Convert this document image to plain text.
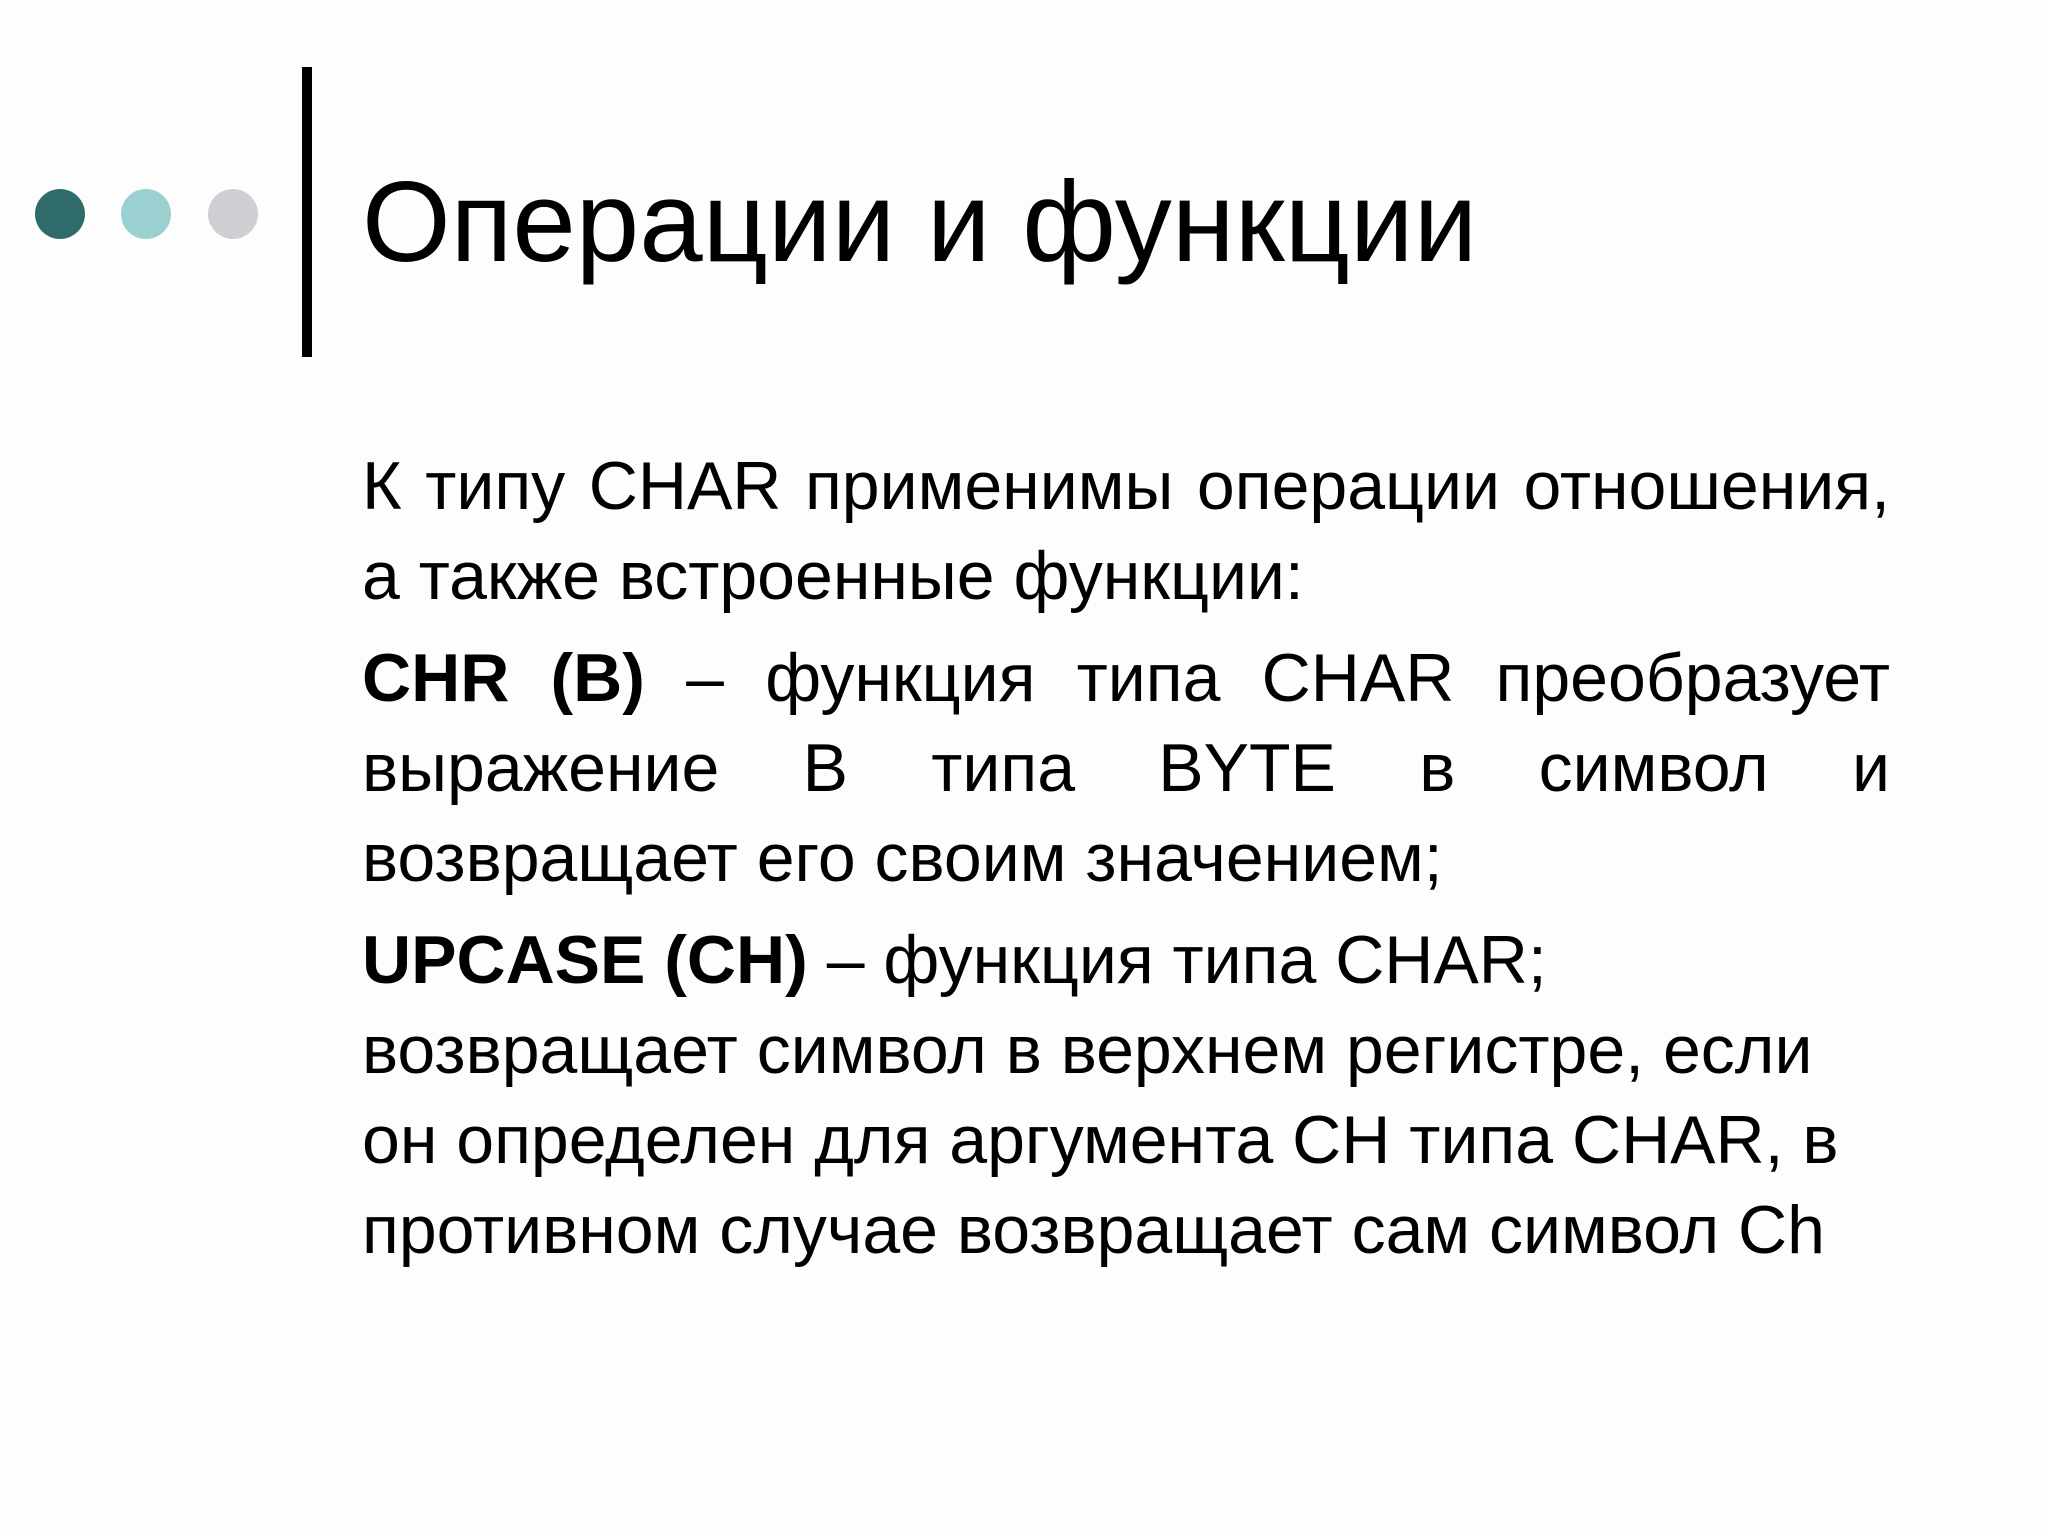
Операции и функции

К типу CHAR применимы операции отношения, а также встроенные функции:

CHR (B) – функция типа CHAR преобразует выражение B типа BYTE в символ и возвращает его своим значением;

UPCASE (CH) – функция типа CHAR; возвращает символ в верхнем регистре, если он определен для аргумента CH типа CHAR, в противном случае возвращает сам символ Ch
